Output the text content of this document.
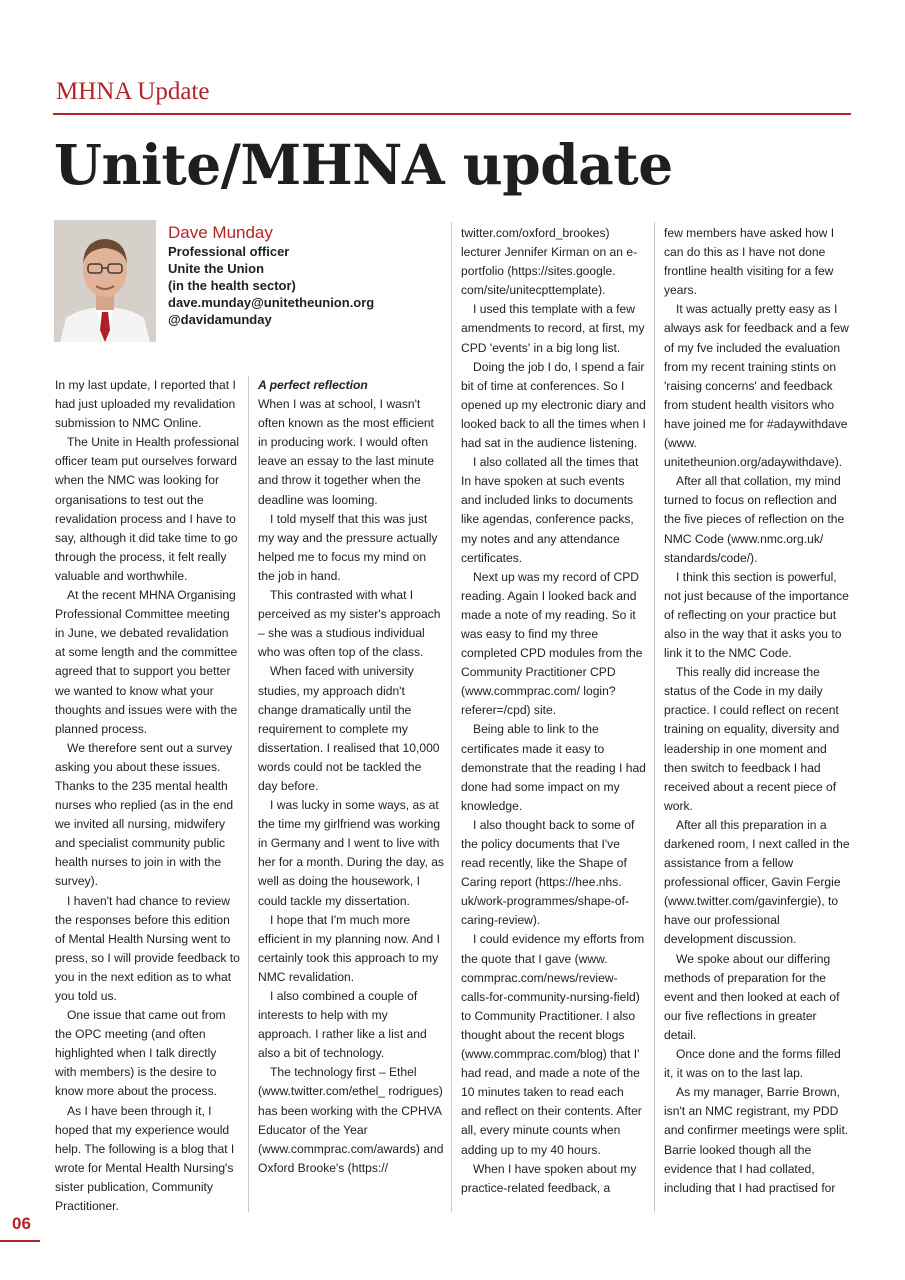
MHNA Update
Unite/MHNA update
Dave Munday
Professional officer
Unite the Union
(in the health sector)
dave.munday@unitetheunion.org
@davidamunday

In my last update, I reported that I had just uploaded my revalidation submission to NMC Online.

The Unite in Health professional officer team put ourselves forward when the NMC was looking for organisations to test out the revalidation process and I have to say, although it did take time to go through the process, it felt really valuable and worthwhile.

At the recent MHNA Organising Professional Committee meeting in June, we debated revalidation at some length and the committee agreed that to support you better we wanted to know what your thoughts and issues were with the planned process.

We therefore sent out a survey asking you about these issues. Thanks to the 235 mental health nurses who replied (as in the end we invited all nursing, midwifery and specialist community public health nurses to join in with the survey).

I haven't had chance to review the responses before this edition of Mental Health Nursing went to press, so I will provide feedback to you in the next edition as to what you told us.

One issue that came out from the OPC meeting (and often highlighted when I talk directly with members) is the desire to know more about the process.

As I have been through it, I hoped that my experience would help. The following is a blog that I wrote for Mental Health Nursing's sister publication, Community Practitioner.

A perfect reflection

When I was at school, I wasn't often known as the most efficient in producing work. I would often leave an essay to the last minute and throw it together when the deadline was looming.

I told myself that this was just my way and the pressure actually helped me to focus my mind on the job in hand.

This contrasted with what I perceived as my sister's approach – she was a studious individual who was often top of the class.

When faced with university studies, my approach didn't change dramatically until the requirement to complete my dissertation. I realised that 10,000 words could not be tackled the day before.

I was lucky in some ways, as at the time my girlfriend was working in Germany and I went to live with her for a month. During the day, as well as doing the housework, I could tackle my dissertation.

I hope that I'm much more efficient in my planning now. And I certainly took this approach to my NMC revalidation.

I also combined a couple of interests to help with my approach. I rather like a list and also a bit of technology.

The technology first – Ethel (www.twitter.com/ethel_ rodrigues) has been working with the CPHVA Educator of the Year (www.commprac.com/awards) and Oxford Brooke's (https://

twitter.com/oxford_brookes) lecturer Jennifer Kirman on an e-portfolio (https://sites.google. com/site/unitecpttemplate).

I used this template with a few amendments to record, at first, my CPD 'events' in a big long list.

Doing the job I do, I spend a fair bit of time at conferences. So I opened up my electronic diary and looked back to all the times when I had sat in the audience listening.

I also collated all the times that In have spoken at such events and included links to documents like agendas, conference packs, my notes and any attendance certificates.

Next up was my record of CPD reading. Again I looked back and made a note of my reading. So it was easy to find my three completed CPD modules from the Community Practitioner CPD (www.commprac.com/ login?referer=/cpd) site.

Being able to link to the certificates made it easy to demonstrate that the reading I had done had some impact on my knowledge.

I also thought back to some of the policy documents that I've read recently, like the Shape of Caring report (https://hee.nhs. uk/work-programmes/shape-of- caring-review).

I could evidence my efforts from the quote that I gave (www. commprac.com/news/review- calls-for-community-nursing-field) to Community Practitioner. I also thought about the recent blogs (www.commprac.com/blog) that I' had read, and made a note of the 10 minutes taken to read each and reflect on their contents. After all, every minute counts when adding up to my 40 hours.

When I have spoken about my practice-related feedback, a

few members have asked how I can do this as I have not done frontline health visiting for a few years.

It was actually pretty easy as I always ask for feedback and a few of my fve included the evaluation from my recent training stints on 'raising concerns' and feedback from student health visitors who have joined me for #adaywithdave (www. unitetheunion.org/adaywithdave).

After all that collation, my mind turned to focus on reflection and the five pieces of reflection on the NMC Code (www.nmc.org.uk/ standards/code/).

I think this section is powerful, not just because of the importance of reflecting on your practice but also in the way that it asks you to link it to the NMC Code.

This really did increase the status of the Code in my daily practice. I could reflect on recent training on equality, diversity and leadership in one moment and then switch to feedback I had received about a recent piece of work.

After all this preparation in a darkened room, I next called in the assistance from a fellow professional officer, Gavin Fergie (www.twitter.com/gavinfergie), to have our professional development discussion.

We spoke about our differing methods of preparation for the event and then looked at each of our five reflections in greater detail.

Once done and the forms filled it, it was on to the last lap.

As my manager, Barrie Brown, isn't an NMC registrant, my PDD and confirmer meetings were split. Barrie looked though all the evidence that I had collated, including that I had practised for

06
